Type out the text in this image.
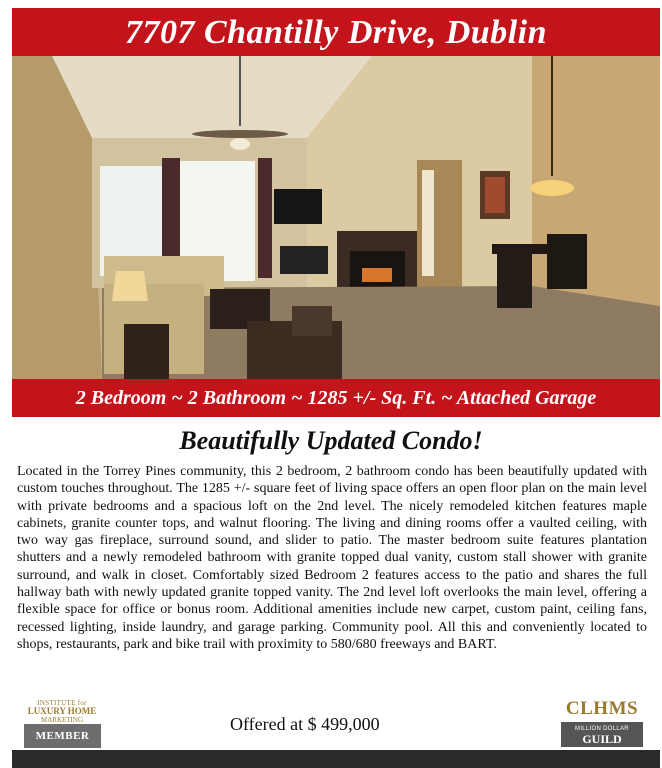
7707 Chantilly Drive, Dublin
2 Bedroom ~ 2 Bathroom ~ 1285 +/- Sq. Ft. ~ Attached Garage
Beautifully Updated Condo!

Located in the Torrey Pines community, this 2 bedroom, 2 bathroom condo has been beautifully updated with custom touches throughout. The 1285 +/- square feet of living space offers an open floor plan on the main level with private bedrooms and a spacious loft on the 2nd level. The nicely remodeled kitchen features maple cabinets, granite counter tops, and walnut flooring. The living and dining rooms offer a vaulted ceiling, with two way gas fireplace, surround sound, and slider to patio. The master bedroom suite features plantation shutters and a newly remodeled bathroom with granite topped dual vanity, custom stall shower with granite surround, and walk in closet. Comfortably sized Bedroom 2 features access to the patio and shares the full hallway bath with newly updated granite topped vanity. The 2nd level loft overlooks the main level, offering a flexible space for office or bonus room. Additional amenities include new carpet, custom paint, ceiling fans, recessed lighting, inside laundry, and garage parking. Community pool. All this and conveniently located to shops, restaurants, park and bike trail with proximity to 580/680 freeways and BART.

INSTITUTE for
LUXURY HOME
MARKETING
MEMBER
Offered at $ 499,000
CLHMS
MILLION DOLLAR
GUILD
